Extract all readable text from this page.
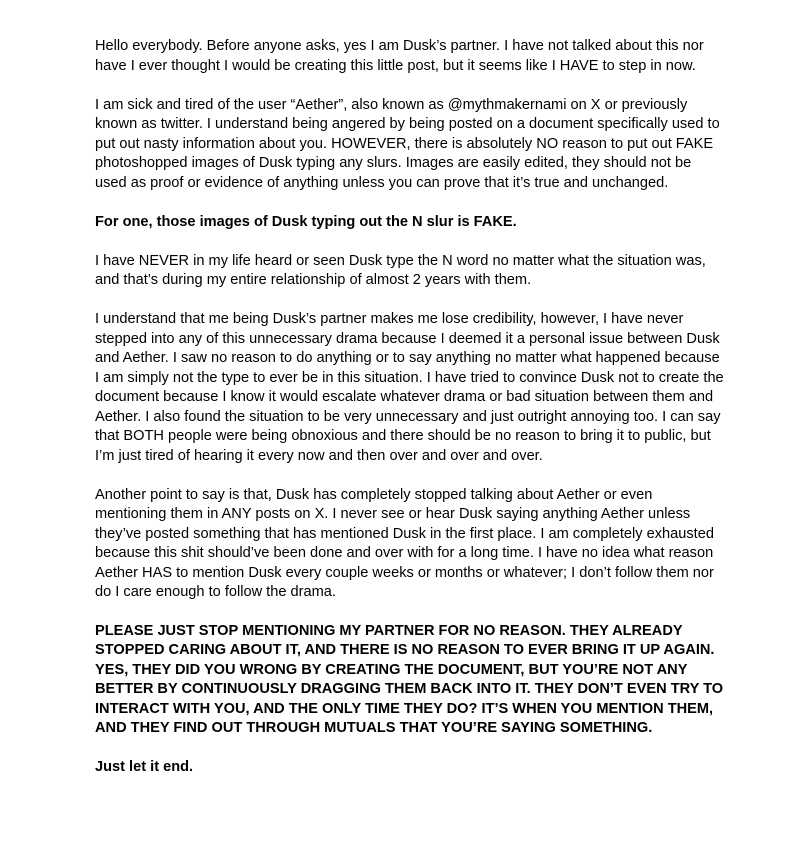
Hello everybody. Before anyone asks, yes I am Dusk’s partner. I have not talked about this nor have I ever thought I would be creating this little post, but it seems like I HAVE to step in now.

I am sick and tired of the user “Aether”, also known as @mythmakernami on X or previously known as twitter. I understand being angered by being posted on a document specifically used to put out nasty information about you. HOWEVER, there is absolutely NO reason to put out FAKE photoshopped images of Dusk typing any slurs. Images are easily edited, they should not be used as proof or evidence of anything unless you can prove that it’s true and unchanged.

For one, those images of Dusk typing out the N slur is FAKE.

I have NEVER in my life heard or seen Dusk type the N word no matter what the situation was, and that’s during my entire relationship of almost 2 years with them.

I understand that me being Dusk’s partner makes me lose credibility, however, I have never stepped into any of this unnecessary drama because I deemed it a personal issue between Dusk and Aether. I saw no reason to do anything or to say anything no matter what happened because I am simply not the type to ever be in this situation. I have tried to convince Dusk not to create the document because I know it would escalate whatever drama or bad situation between them and Aether. I also found the situation to be very unnecessary and just outright annoying too. I can say that BOTH people were being obnoxious and there should be no reason to bring it to public, but I’m just tired of hearing it every now and then over and over and over.

Another point to say is that, Dusk has completely stopped talking about Aether or even mentioning them in ANY posts on X. I never see or hear Dusk saying anything Aether unless they’ve posted something that has mentioned Dusk in the first place. I am completely exhausted because this shit should’ve been done and over with for a long time. I have no idea what reason Aether HAS to mention Dusk every couple weeks or months or whatever; I don’t follow them nor do I care enough to follow the drama.

PLEASE JUST STOP MENTIONING MY PARTNER FOR NO REASON. THEY ALREADY STOPPED CARING ABOUT IT, AND THERE IS NO REASON TO EVER BRING IT UP AGAIN. YES, THEY DID YOU WRONG BY CREATING THE DOCUMENT, BUT YOU’RE NOT ANY BETTER BY CONTINUOUSLY DRAGGING THEM BACK INTO IT. THEY DON’T EVEN TRY TO INTERACT WITH YOU, AND THE ONLY TIME THEY DO? IT’S WHEN YOU MENTION THEM, AND THEY FIND OUT THROUGH MUTUALS THAT YOU’RE SAYING SOMETHING.

Just let it end.
